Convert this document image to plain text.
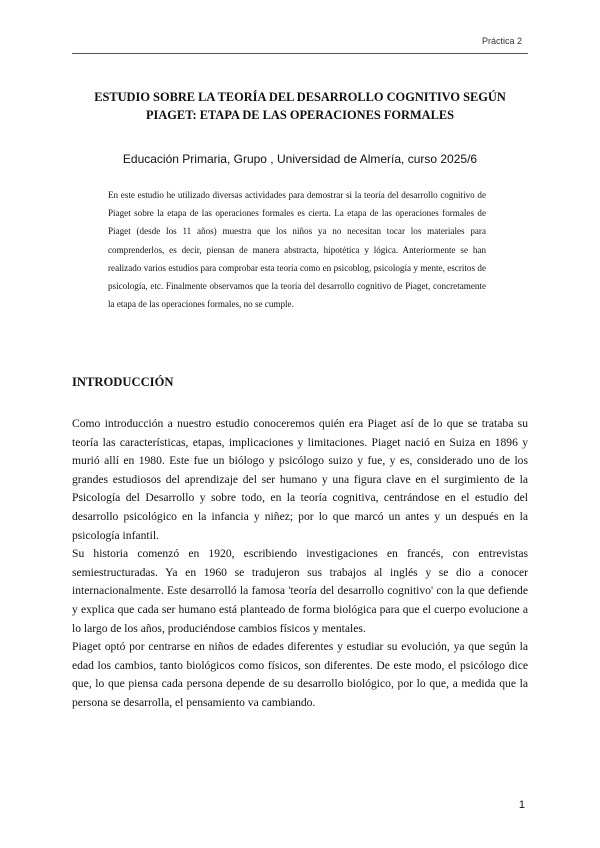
Práctica 2
ESTUDIO SOBRE LA TEORÍA DEL DESARROLLO COGNITIVO SEGÚN
PIAGET: ETAPA DE LAS OPERACIONES FORMALES

Educación Primaria, Grupo , Universidad de Almería, curso 2025/6

En este estudio he utilizado diversas actividades para demostrar si la teoría del desarrollo cognitivo de Piaget sobre la etapa de las operaciones formales es cierta. La etapa de las operaciones formales de Piaget (desde los 11 años) muestra que los niños ya no necesitan tocar los materiales para comprenderlos, es decir, piensan de manera abstracta, hipotética y lógica. Anteriormente se han realizado varios estudios para comprobar esta teoría como en psicoblog, psicología y mente, escritos de psicología, etc. Finalmente observamos que la teoría del desarrollo cognitivo de Piaget, concretamente la etapa de las operaciones formales, no se cumple.

INTRODUCCIÓN

Como introducción a nuestro estudio conoceremos quién era Piaget así de lo que se trataba su teoría las características, etapas, implicaciones y limitaciones. Piaget nació en Suiza en 1896 y murió allí en 1980. Este fue un biólogo y psicólogo suizo y fue, y es, considerado uno de los grandes estudiosos del aprendizaje del ser humano y una figura clave en el surgimiento de la Psicología del Desarrollo y sobre todo, en la teoría cognitiva, centrándose en el estudio del desarrollo psicológico en la infancia y niñez; por lo que marcó un antes y un después en la psicología infantil.

Su historia comenzó en 1920, escribiendo investigaciones en francés, con entrevistas semiestructuradas. Ya en 1960 se tradujeron sus trabajos al inglés y se dio a conocer internacionalmente. Este desarrolló la famosa 'teoría del desarrollo cognitivo' con la que defiende y explica que cada ser humano está planteado de forma biológica para que el cuerpo evolucione a lo largo de los años, produciéndose cambios físicos y mentales.

Piaget optó por centrarse en niños de edades diferentes y estudiar su evolución, ya que según la edad los cambios, tanto biológicos como físicos, son diferentes. De este modo, el psicólogo dice que, lo que piensa cada persona depende de su desarrollo biológico, por lo que, a medida que la persona se desarrolla, el pensamiento va cambiando.

1
